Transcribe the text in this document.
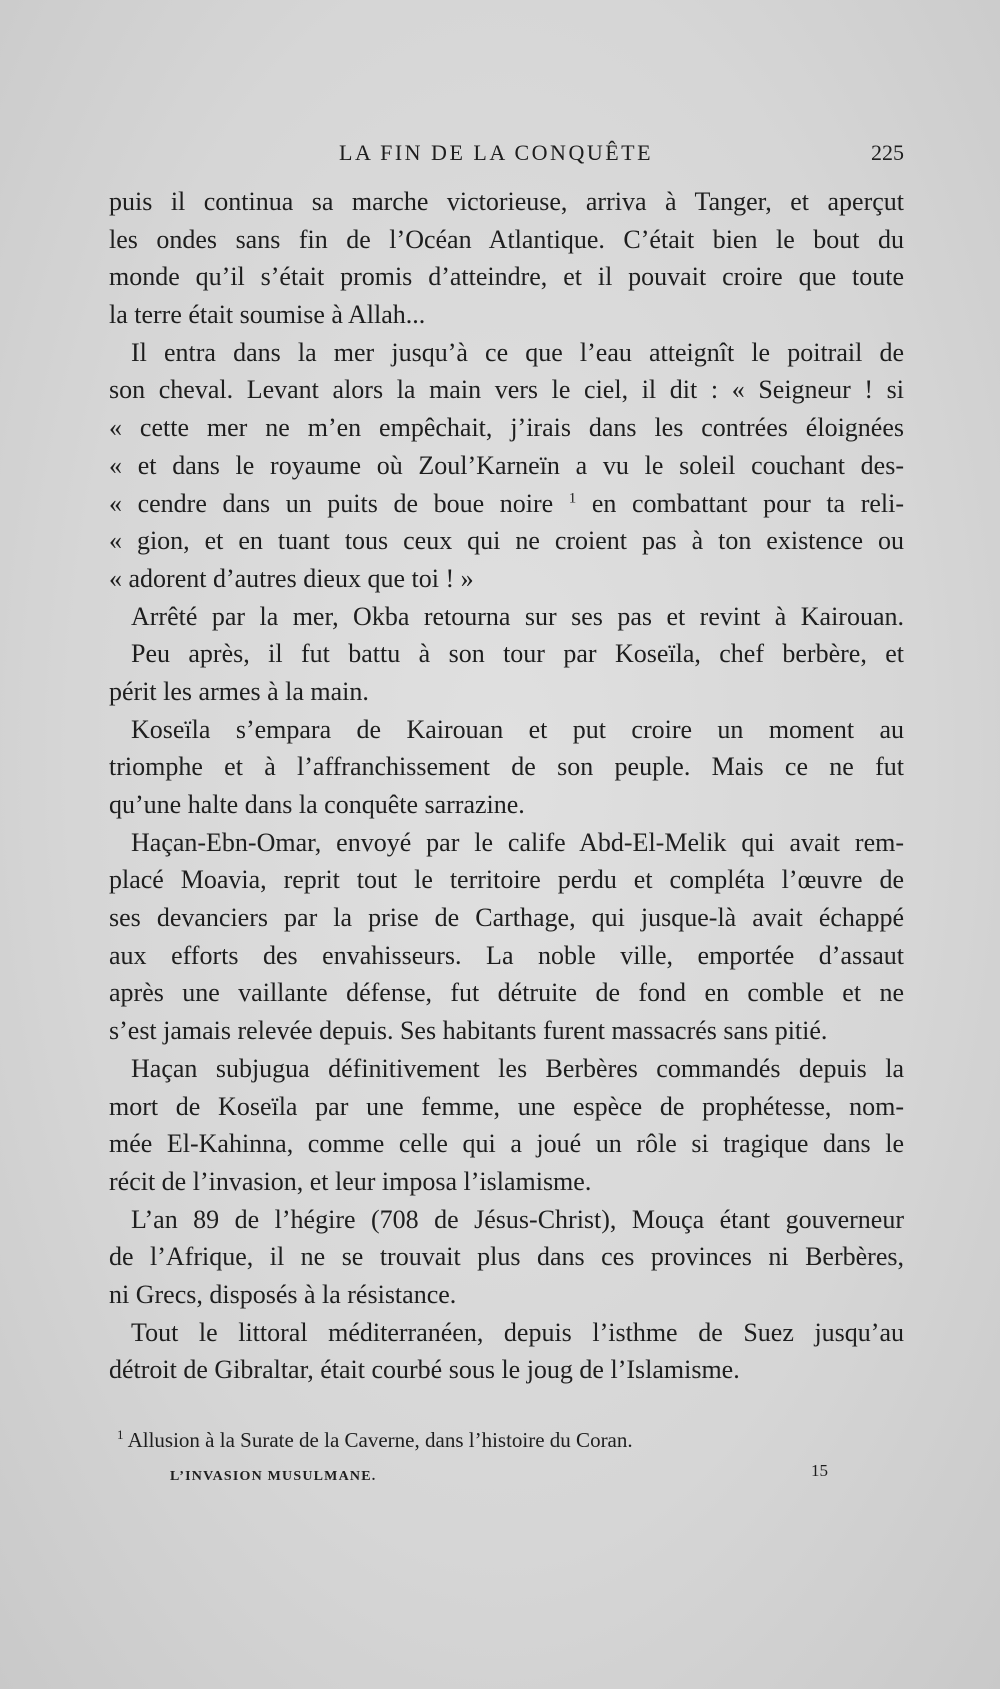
LA FIN DE LA CONQUÊTE	225
puis il continua sa marche victorieuse, arriva à Tanger, et aperçut
les ondes sans fin de l’Océan Atlantique. C’était bien le bout du
monde qu’il s’était promis d’atteindre, et il pouvait croire que toute
la terre était soumise à Allah...
Il entra dans la mer jusqu’à ce que l’eau atteignît le poitrail de
son cheval. Levant alors la main vers le ciel, il dit : « Seigneur ! si
« cette mer ne m’en empêchait, j’irais dans les contrées éloignées
« et dans le royaume où Zoul’Karneïn a vu le soleil couchant des-
« cendre dans un puits de boue noire $^1$ en combattant pour ta reli-
« gion, et en tuant tous ceux qui ne croient pas à ton existence ou
« adorent d’autres dieux que toi ! »
Arrêté par la mer, Okba retourna sur ses pas et revint à Kairouan.
Peu après, il fut battu à son tour par Koseïla, chef berbère, et
périt les armes à la main.
Koseïla s’empara de Kairouan et put croire un moment au
triomphe et à l’affranchissement de son peuple. Mais ce ne fut
qu’une halte dans la conquête sarrazine.
Haçan-Ebn-Omar, envoyé par le calife Abd-El-Melik qui avait rem-
placé Moavia, reprit tout le territoire perdu et compléta l’œuvre de
ses devanciers par la prise de Carthage, qui jusque-là avait échappé
aux efforts des envahisseurs. La noble ville, emportée d’assaut
après une vaillante défense, fut détruite de fond en comble et ne
s’est jamais relevée depuis. Ses habitants furent massacrés sans pitié.
Haçan subjugua définitivement les Berbères commandés depuis la
mort de Koseïla par une femme, une espèce de prophétesse, nom-
mée El-Kahinna, comme celle qui a joué un rôle si tragique dans le
récit de l’invasion, et leur imposa l’islamisme.
L’an 89 de l’hégire (708 de Jésus-Christ), Mouça étant gouverneur
de l’Afrique, il ne se trouvait plus dans ces provinces ni Berbères,
ni Grecs, disposés à la résistance.
Tout le littoral méditerranéen, depuis l’isthme de Suez jusqu’au
détroit de Gibraltar, était courbé sous le joug de l’Islamisme.
$^1$ Allusion à la Surate de la Caverne, dans l’histoire du Coran.
L’INVASION MUSULMANE.	15
